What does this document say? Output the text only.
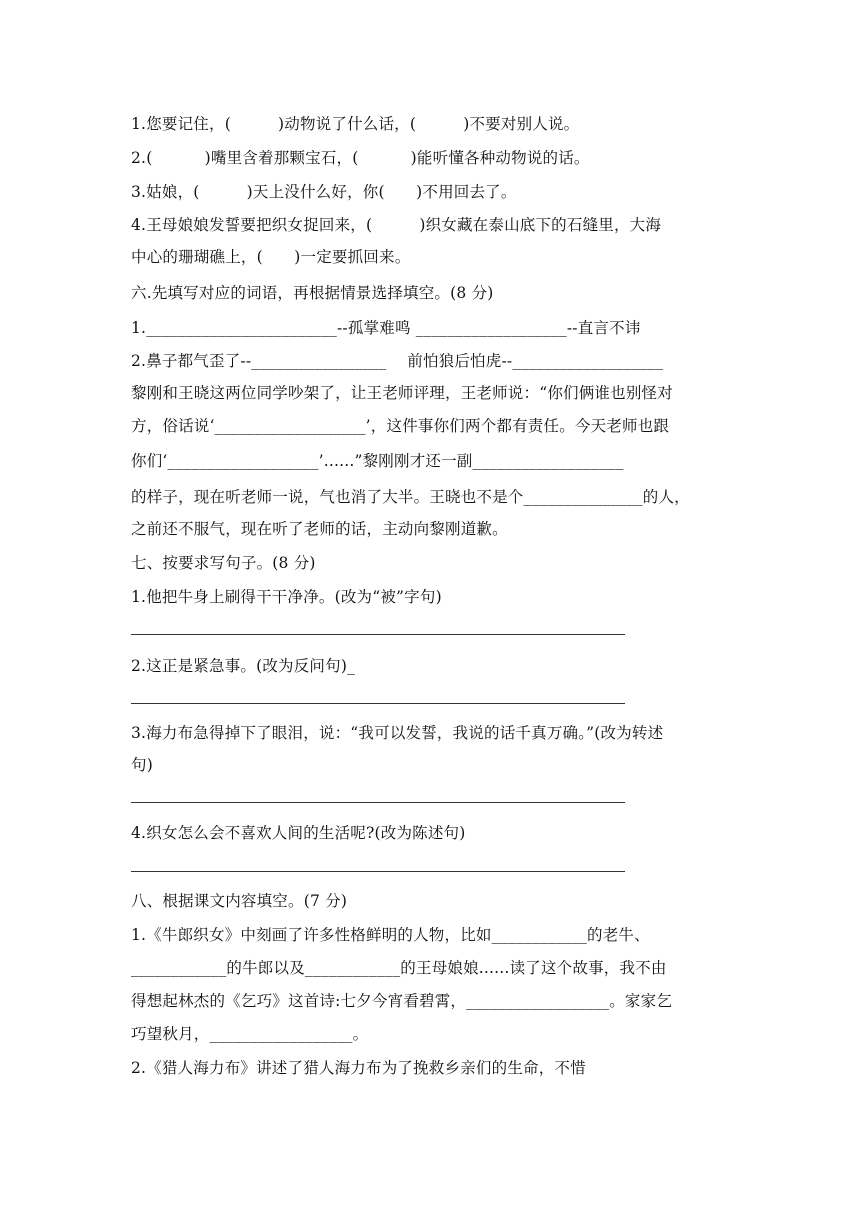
1.您要记住，(　　　)动物说了什么话，(　　　)不要对别人说。
2.(　　　 )嘴里含着那颗宝石，(　　　 )能听懂各种动物说的话。
3.姑娘，(　　　)天上没什么好，你(　　)不用回去了。
4.王母娘娘发誓要把织女捉回来，(　　　)织女藏在泰山底下的石缝里，大海
中心的珊瑚礁上，(　　)一定要抓回来。
六.先填写对应的词语，再根据情景选择填空。(8 分)
1.________________________--孤掌难鸣 ___________________--直言不讳
2.鼻子都气歪了--_________________　 前怕狼后怕虎--___________________
黎刚和王晓这两位同学吵架了，让王老师评理，王老师说：“你们俩谁也别怪对
方，俗话说‘___________________’，这件事你们两个都有责任。今天老师也跟
你们‘___________________’......”黎刚刚才还一副___________________
的样子，现在听老师一说，气也消了大半。王晓也不是个_______________的人，
之前还不服气，现在听了老师的话，主动向黎刚道歉。
七、按要求写句子。(8 分)
1.他把牛身上刷得干干净净。(改为“被”字句)
2.这正是紧急事。(改为反问句)_
3.海力布急得掉下了眼泪，说：“我可以发誓，我说的话千真万确。”(改为转述
句)
4.织女怎么会不喜欢人间的生活呢?(改为陈述句)
八、根据课文内容填空。(7 分)
1.《牛郎织女》中刻画了许多性格鲜明的人物，比如____________的老牛、
____________的牛郎以及____________的王母娘娘......读了这个故事，我不由
得想起林杰的《乞巧》这首诗:七夕今宵看碧霄，__________________。家家乞
巧望秋月，__________________。
2.《猎人海力布》讲述了猎人海力布为了挽救乡亲们的生命，不惜
